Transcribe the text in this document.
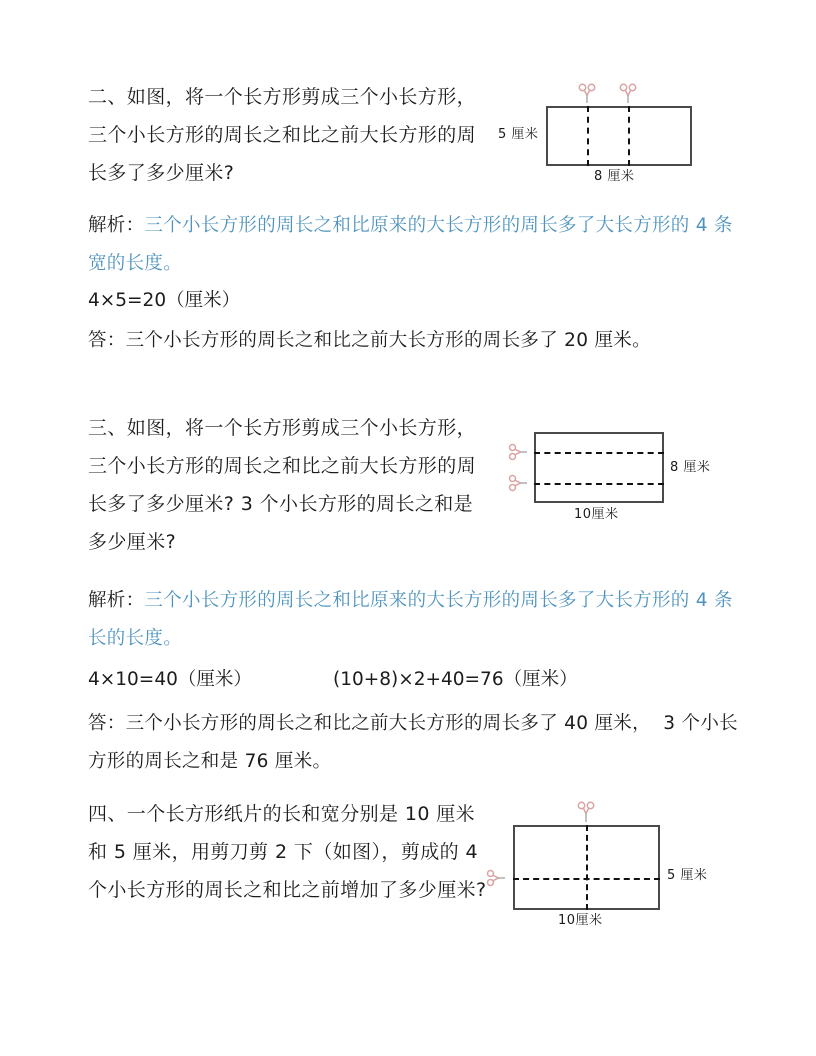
二、如图，将一个长方形剪成三个小长方形，三个小长方形的周长之和比之前大长方形的周长多了多少厘米?
5 厘米
8 厘米
解析：三个小长方形的周长之和比原来的大长方形的周长多了大长方形的 4 条宽的长度。
4×5=20（厘米）
答：三个小长方形的周长之和比之前大长方形的周长多了 20 厘米。
三、如图，将一个长方形剪成三个小长方形，三个小长方形的周长之和比之前大长方形的周长多了多少厘米? 3 个小长方形的周长之和是多少厘米?
8 厘米
10厘米
解析：三个小长方形的周长之和比原来的大长方形的周长多了大长方形的 4 条长的长度。
4×10=40（厘米）	(10+8)×2+40=76（厘米）
答：三个小长方形的周长之和比之前大长方形的周长多了 40 厘米，  3 个小长方形的周长之和是 76 厘米。
四、一个长方形纸片的长和宽分别是 10 厘米和 5 厘米，用剪刀剪 2 下（如图），剪成的 4 个小长方形的周长之和比之前增加了多少厘米?
5 厘米
10厘米
